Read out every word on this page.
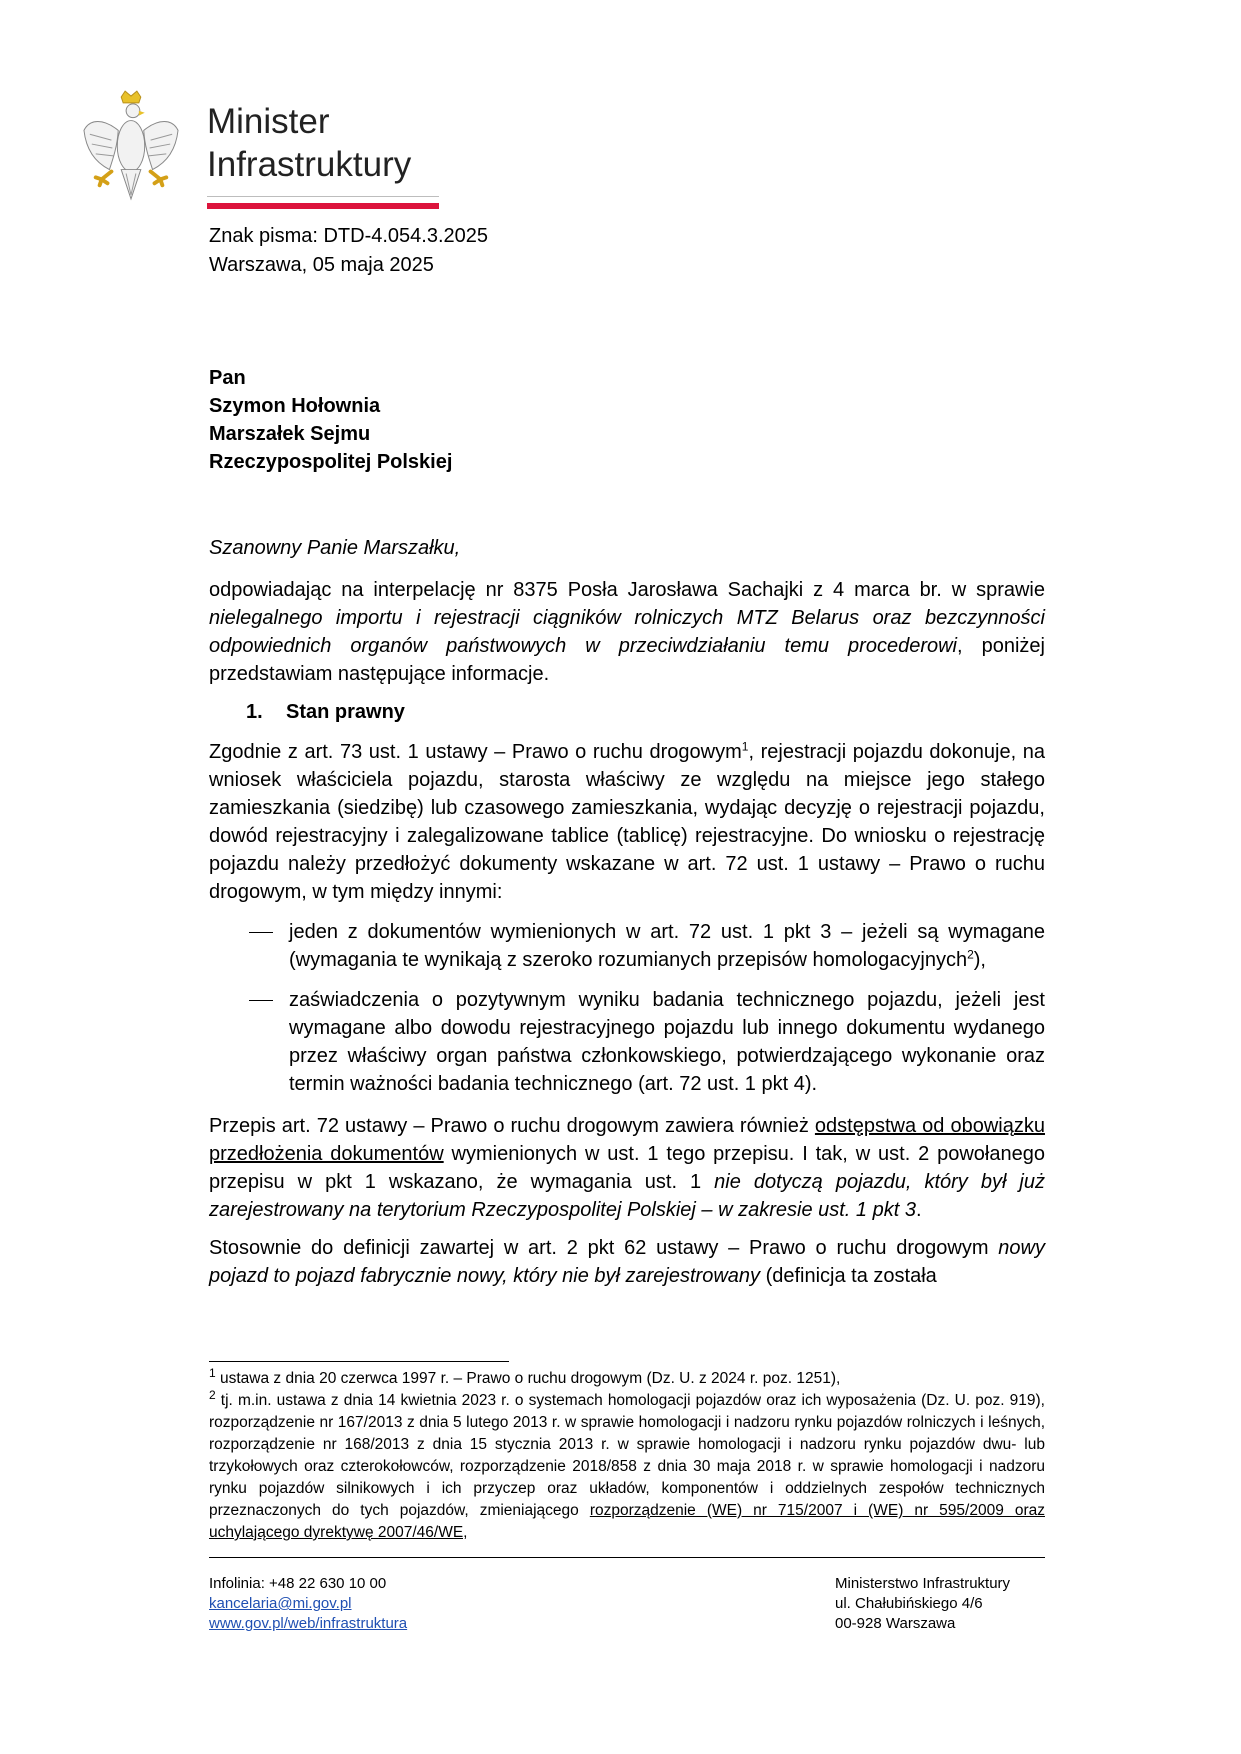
Minister
Infrastruktury
Znak pisma: DTD-4.054.3.2025
Warszawa, 05 maja 2025
Pan
Szymon Hołownia
Marszałek Sejmu
Rzeczypospolitej Polskiej

Szanowny Panie Marszałku,

odpowiadając na interpelację nr 8375 Posła Jarosława Sachajki z 4 marca br. w sprawie nielegalnego importu i rejestracji ciągników rolniczych MTZ Belarus oraz bezczynności odpowiednich organów państwowych w przeciwdziałaniu temu procederowi, poniżej przedstawiam następujące informacje.

1. Stan prawny

Zgodnie z art. 73 ust. 1 ustawy – Prawo o ruchu drogowym$^1$, rejestracji pojazdu dokonuje, na wniosek właściciela pojazdu, starosta właściwy ze względu na miejsce jego stałego zamieszkania (siedzibę) lub czasowego zamieszkania, wydając decyzję o rejestracji pojazdu, dowód rejestracyjny i zalegalizowane tablice (tablicę) rejestracyjne. Do wniosku o rejestrację pojazdu należy przedłożyć dokumenty wskazane w art. 72 ust. 1 ustawy – Prawo o ruchu drogowym, w tym między innymi:

jeden z dokumentów wymienionych w art. 72 ust. 1 pkt 3 – jeżeli są wymagane (wymagania te wynikają z szeroko rozumianych przepisów homologacyjnych$^2$),
zaświadczenia o pozytywnym wyniku badania technicznego pojazdu, jeżeli jest wymagane albo dowodu rejestracyjnego pojazdu lub innego dokumentu wydanego przez właściwy organ państwa członkowskiego, potwierdzającego wykonanie oraz termin ważności badania technicznego (art. 72 ust. 1 pkt 4).

Przepis art. 72 ustawy – Prawo o ruchu drogowym zawiera również odstępstwa od obowiązku przedłożenia dokumentów wymienionych w ust. 1 tego przepisu. I tak, w ust. 2 powołanego przepisu w pkt 1 wskazano, że wymagania ust. 1 nie dotyczą pojazdu, który był już zarejestrowany na terytorium Rzeczypospolitej Polskiej – w zakresie ust. 1 pkt 3.

Stosownie do definicji zawartej w art. 2 pkt 62 ustawy – Prawo o ruchu drogowym nowy pojazd to pojazd fabrycznie nowy, który nie był zarejestrowany (definicja ta została

$^1$ ustawa z dnia 20 czerwca 1997 r. – Prawo o ruchu drogowym (Dz. U. z 2024 r. poz. 1251),

$^2$ tj. m.in. ustawa z dnia 14 kwietnia 2023 r. o systemach homologacji pojazdów oraz ich wyposażenia (Dz. U. poz. 919), rozporządzenie nr 167/2013 z dnia 5 lutego 2013 r. w sprawie homologacji i nadzoru rynku pojazdów rolniczych i leśnych, rozporządzenie nr 168/2013 z dnia 15 stycznia 2013 r. w sprawie homologacji i nadzoru rynku pojazdów dwu- lub trzykołowych oraz czterokołowców, rozporządzenie 2018/858 z dnia 30 maja 2018 r. w sprawie homologacji i nadzoru rynku pojazdów silnikowych i ich przyczep oraz układów, komponentów i oddzielnych zespołów technicznych przeznaczonych do tych pojazdów, zmieniającego rozporządzenie (WE) nr 715/2007 i (WE) nr 595/2009 oraz uchylającego dyrektywę 2007/46/WE,

Infolinia: +48 22 630 10 00
kancelaria@mi.gov.pl
www.gov.pl/web/infrastruktura
Ministerstwo Infrastruktury
ul. Chałubińskiego 4/6
00-928 Warszawa
